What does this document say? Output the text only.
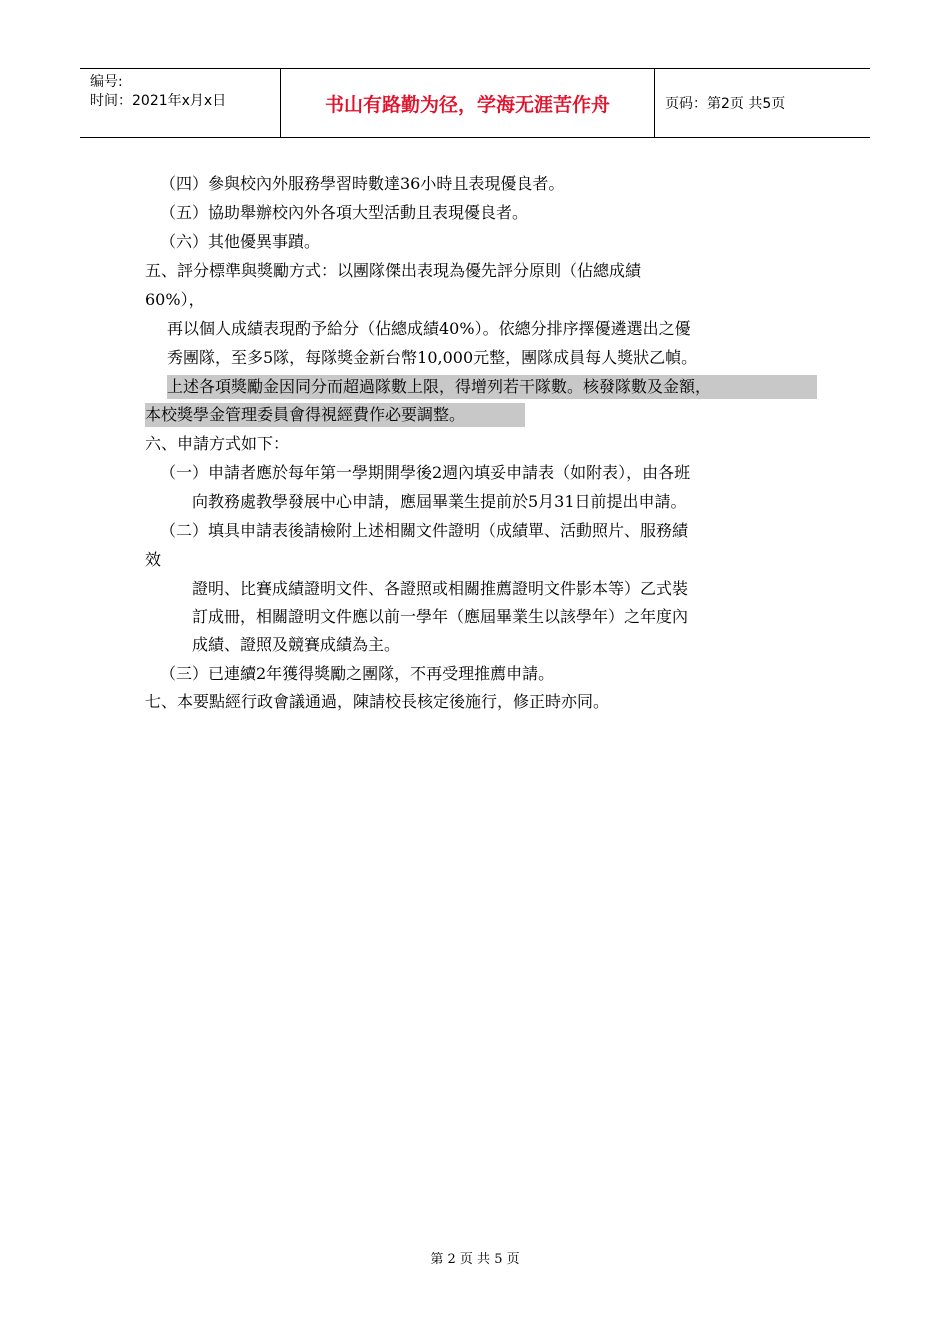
编号:
时间：2021年x月x日	书山有路勤为径，学海无涯苦作舟	页码：第2页 共5页
（四）參與校內外服務學習時數達36小時且表現優良者。
（五）協助舉辦校內外各項大型活動且表現優良者。
（六）其他優異事蹟。
五、評分標準與獎勵方式：以團隊傑出表現為優先評分原則（佔總成績
60%），
再以個人成績表現酌予給分（佔總成績40%）。依總分排序擇優遴選出之優
秀團隊，至多5隊，每隊獎金新台幣10,000元整，團隊成員每人獎狀乙幀。
上述各項獎勵金因同分而超過隊數上限，得增列若干隊數。核發隊數及金額，
本校獎學金管理委員會得視經費作必要調整。
六、申請方式如下：
（一）申請者應於每年第一學期開學後2週內填妥申請表（如附表），由各班
向教務處教學發展中心申請，應屆畢業生提前於5月31日前提出申請。
（二）填具申請表後請檢附上述相關文件證明（成績單、活動照片、服務績
效
證明、比賽成績證明文件、各證照或相關推薦證明文件影本等）乙式裝
訂成冊，相關證明文件應以前一學年（應屆畢業生以該學年）之年度內
成績、證照及競賽成績為主。
（三）已連續2年獲得獎勵之團隊，不再受理推薦申請。
七、本要點經行政會議通過，陳請校長核定後施行，修正時亦同。
第 2 页 共 5 页
